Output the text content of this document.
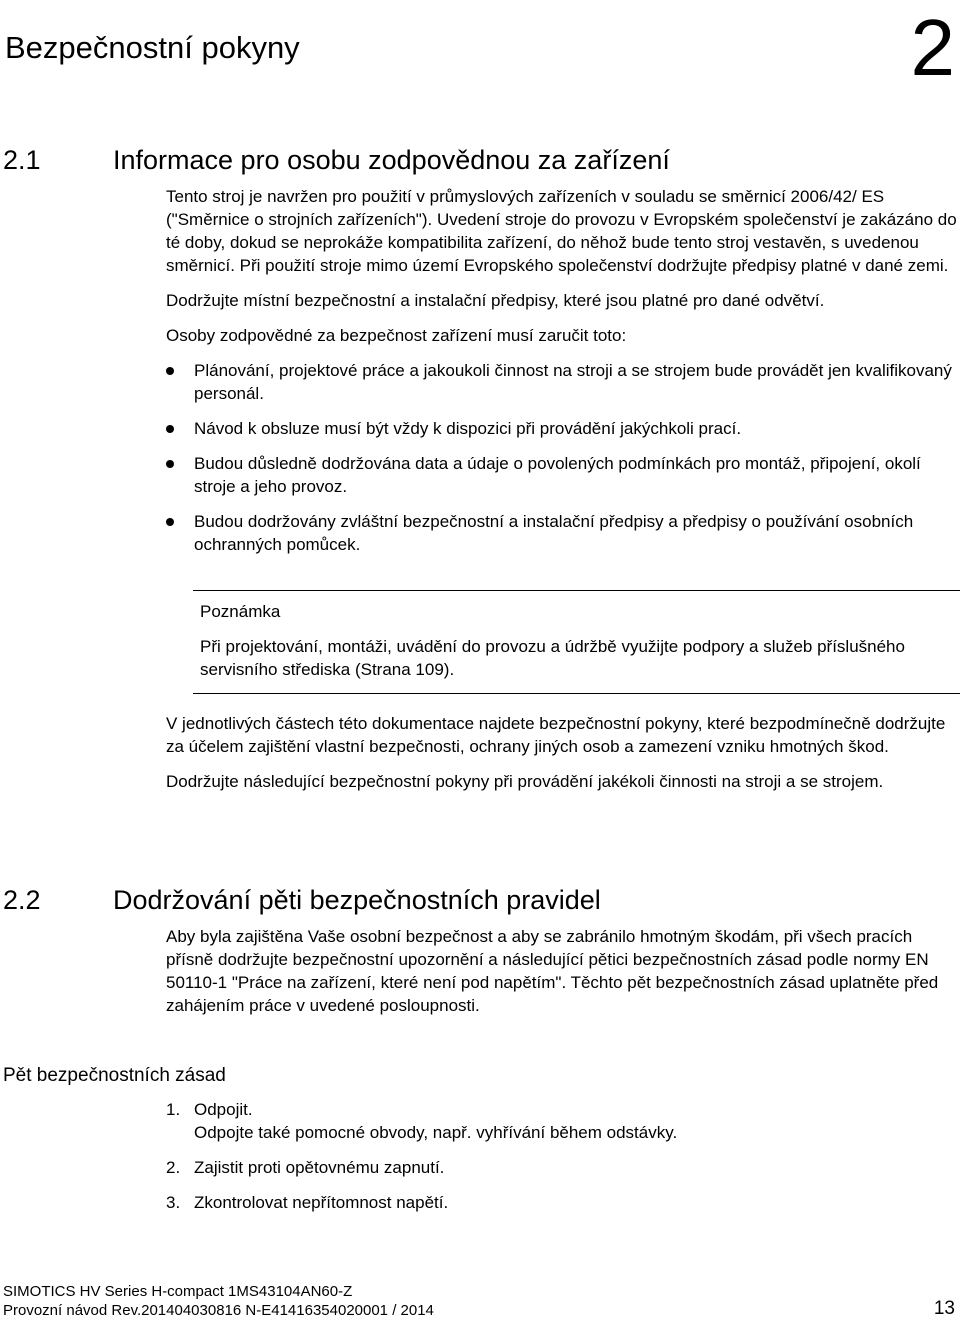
Bezpečnostní pokyny	2
2.1	Informace pro osobu zodpovědnou za zařízení

Tento stroj je navržen pro použití v průmyslových zařízeních v souladu se směrnicí 2006/42/ ES ("Směrnice o strojních zařízeních"). Uvedení stroje do provozu v Evropském společenství je zakázáno do té doby, dokud se neprokáže kompatibilita zařízení, do něhož bude tento stroj vestavěn, s uvedenou směrnicí. Při použití stroje mimo území Evropského společenství dodržujte předpisy platné v dané zemi.

Dodržujte místní bezpečnostní a instalační předpisy, které jsou platné pro dané odvětví.

Osoby zodpovědné za bezpečnost zařízení musí zaručit toto:

Plánování, projektové práce a jakoukoli činnost na stroji a se strojem bude provádět jen kvalifikovaný personál.
Návod k obsluze musí být vždy k dispozici při provádění jakýchkoli prací.
Budou důsledně dodržována data a údaje o povolených podmínkách pro montáž, připojení, okolí stroje a jeho provoz.
Budou dodržovány zvláštní bezpečnostní a instalační předpisy a předpisy o používání osobních ochranných pomůcek.
Poznámka
Při projektování, montáži, uvádění do provozu a údržbě využijte podpory a služeb příslušného servisního střediska (Strana 109).

V jednotlivých částech této dokumentace najdete bezpečnostní pokyny, které bezpodmínečně dodržujte za účelem zajištění vlastní bezpečnosti, ochrany jiných osob a zamezení vzniku hmotných škod.

Dodržujte následující bezpečnostní pokyny při provádění jakékoli činnosti na stroji a se strojem.

2.2	Dodržování pěti bezpečnostních pravidel

Aby byla zajištěna Vaše osobní bezpečnost a aby se zabránilo hmotným škodám, při všech pracích přísně dodržujte bezpečnostní upozornění a následující pětici bezpečnostních zásad podle normy EN 50110-1 "Práce na zařízení, které není pod napětím". Těchto pět bezpečnostních zásad uplatněte před zahájením práce v uvedené posloupnosti.

Pět bezpečnostních zásad
1. Odpojit.
Odpojte také pomocné obvody, např. vyhřívání během odstávky.
2. Zajistit proti opětovnému zapnutí.
3. Zkontrolovat nepřítomnost napětí.
SIMOTICS HV Series H-compact 1MS43104AN60-Z
Provozní návod Rev.201404030816 N-E41416354020001 / 2014	13
